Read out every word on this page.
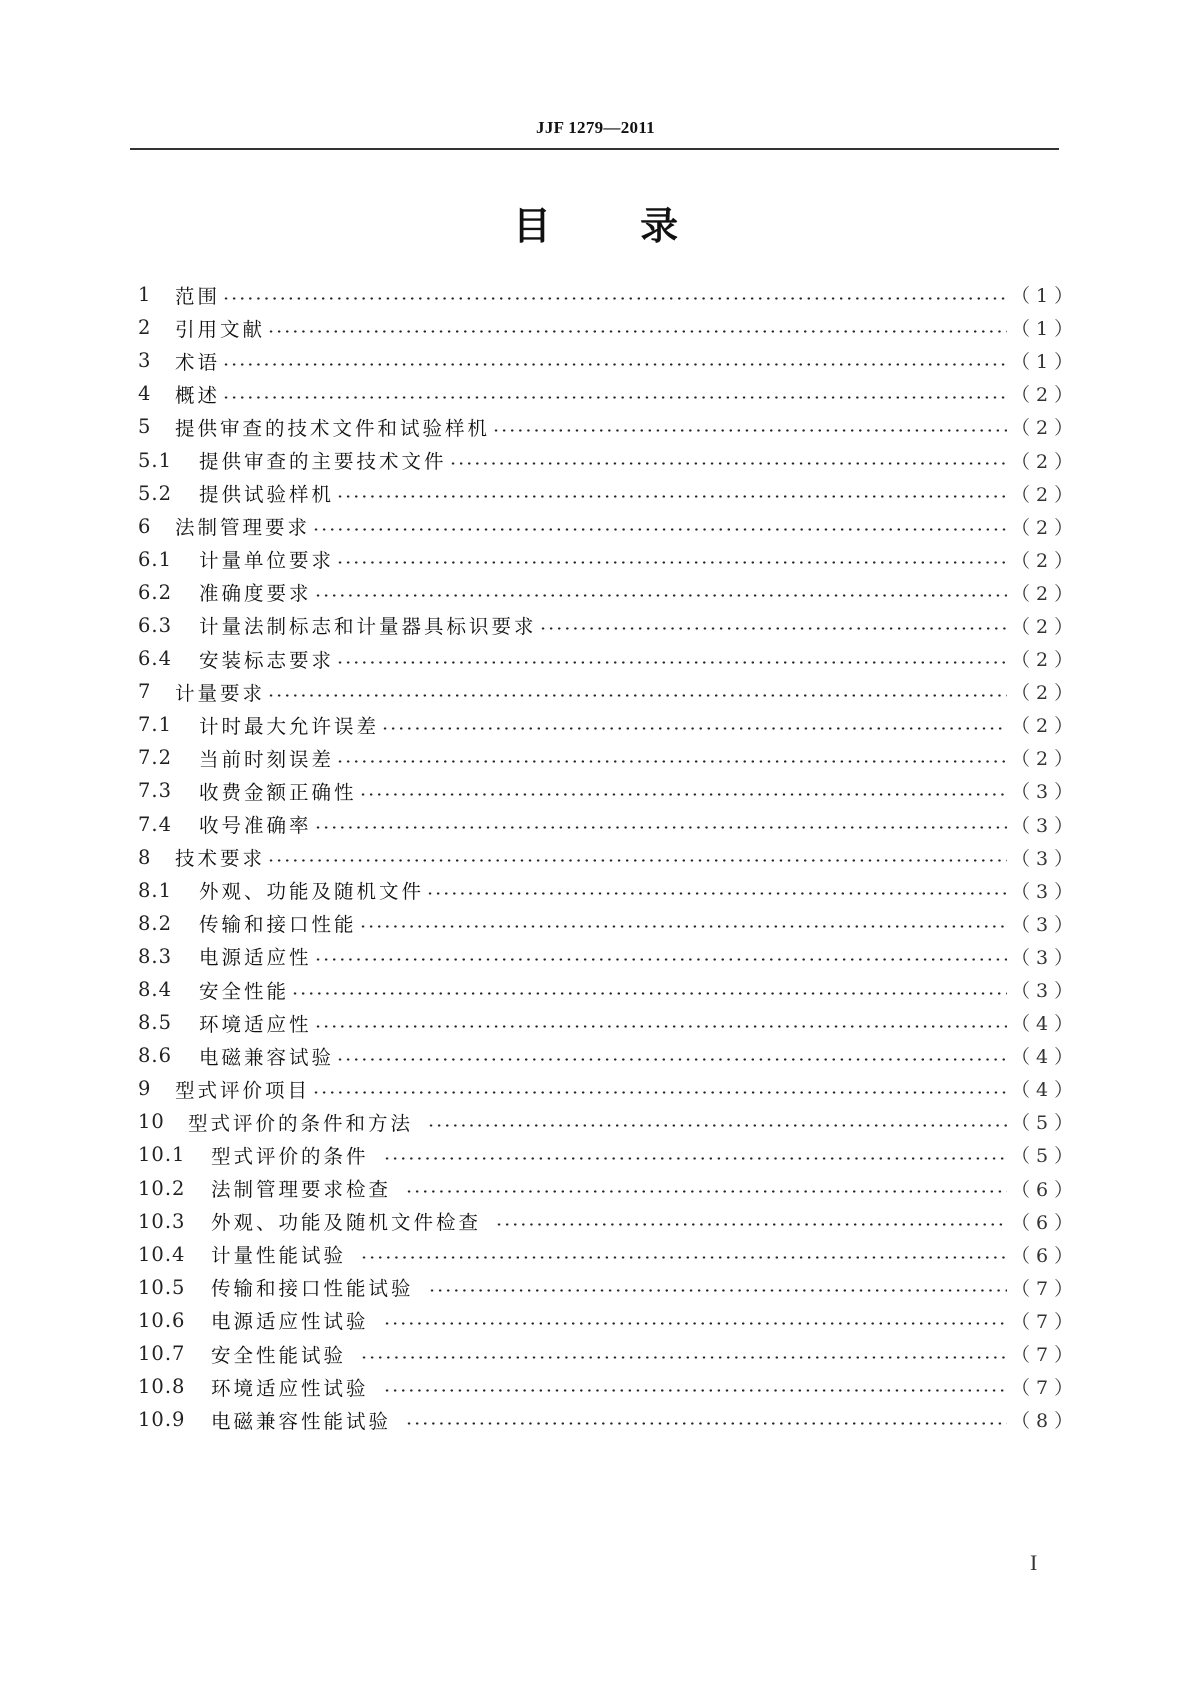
JJF 1279—2011
目 录
1	范围	（1）
2	引用文献	（1）
3	术语	（1）
4	概述	（2）
5	提供审查的技术文件和试验样机	（2）
5.1	提供审查的主要技术文件	（2）
5.2	提供试验样机	（2）
6	法制管理要求	（2）
6.1	计量单位要求	（2）
6.2	准确度要求	（2）
6.3	计量法制标志和计量器具标识要求	（2）
6.4	安装标志要求	（2）
7	计量要求	（2）
7.1	计时最大允许误差	（2）
7.2	当前时刻误差	（2）
7.3	收费金额正确性	（3）
7.4	收号准确率	（3）
8	技术要求	（3）
8.1	外观、功能及随机文件	（3）
8.2	传输和接口性能	（3）
8.3	电源适应性	（3）
8.4	安全性能	（3）
8.5	环境适应性	（4）
8.6	电磁兼容试验	（4）
9	型式评价项目	（4）
10	型式评价的条件和方法	（5）
10.1	型式评价的条件	（5）
10.2	法制管理要求检查	（6）
10.3	外观、功能及随机文件检查	（6）
10.4	计量性能试验	（6）
10.5	传输和接口性能试验	（7）
10.6	电源适应性试验	（7）
10.7	安全性能试验	（7）
10.8	环境适应性试验	（7）
10.9	电磁兼容性能试验	（8）
I
